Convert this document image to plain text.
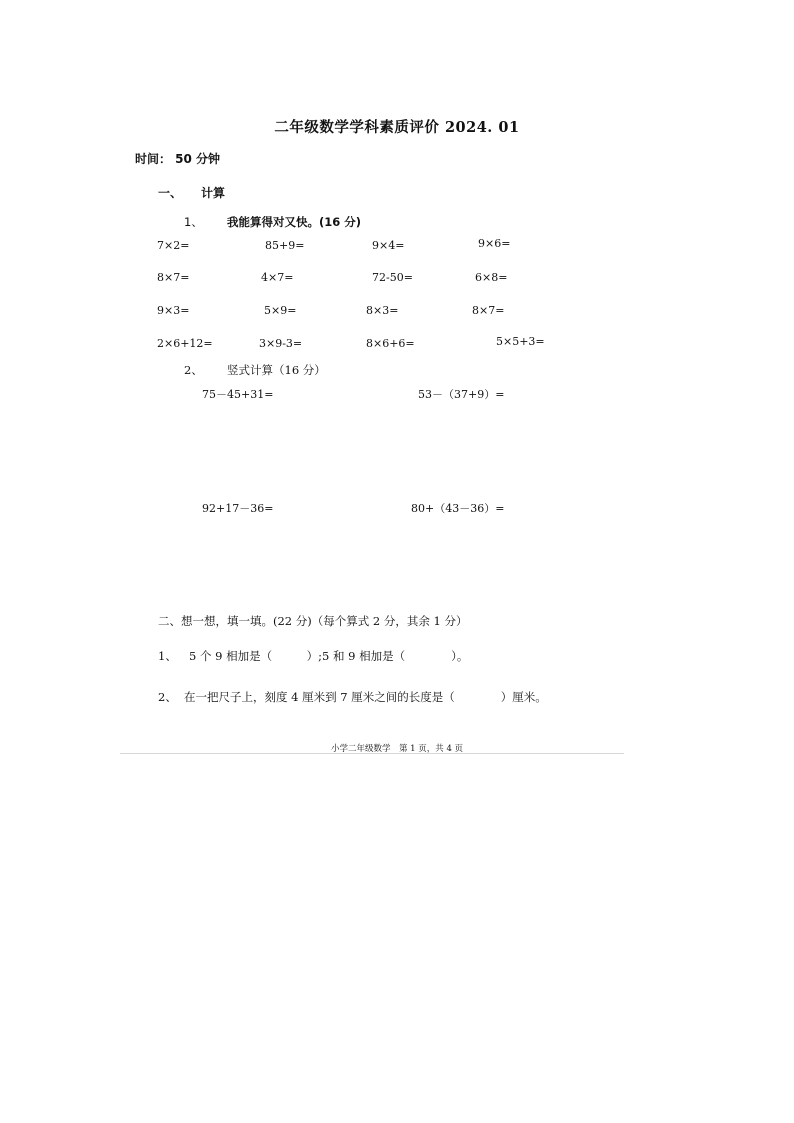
二年级数学学科素质评价 2024. 01
时间： 50 分钟
一、 计算
1、 我能算得对又快。(16 分)
7×2=	85+9=	9×4=	9×6=
8×7=	4×7=	72-50=	6×8=
9×3=	5×9=	8×3=	8×7=
2×6+12=	3×9-3=	8×6+6=	5×5+3=
2、 竖式计算（16 分）
75－45+31=	53－（37+9）=
92+17－36=	80+（43－36）=
二、想一想，填一填。(22 分)（每个算式 2 分，其余 1 分）
1、 5 个 9 相加是（　　　）;5 和 9 相加是（　　　　）。
2、 在一把尺子上，刻度 4 厘米到 7 厘米之间的长度是（　　　　）厘米。
小学二年级数学　第 1 页，共 4 页
